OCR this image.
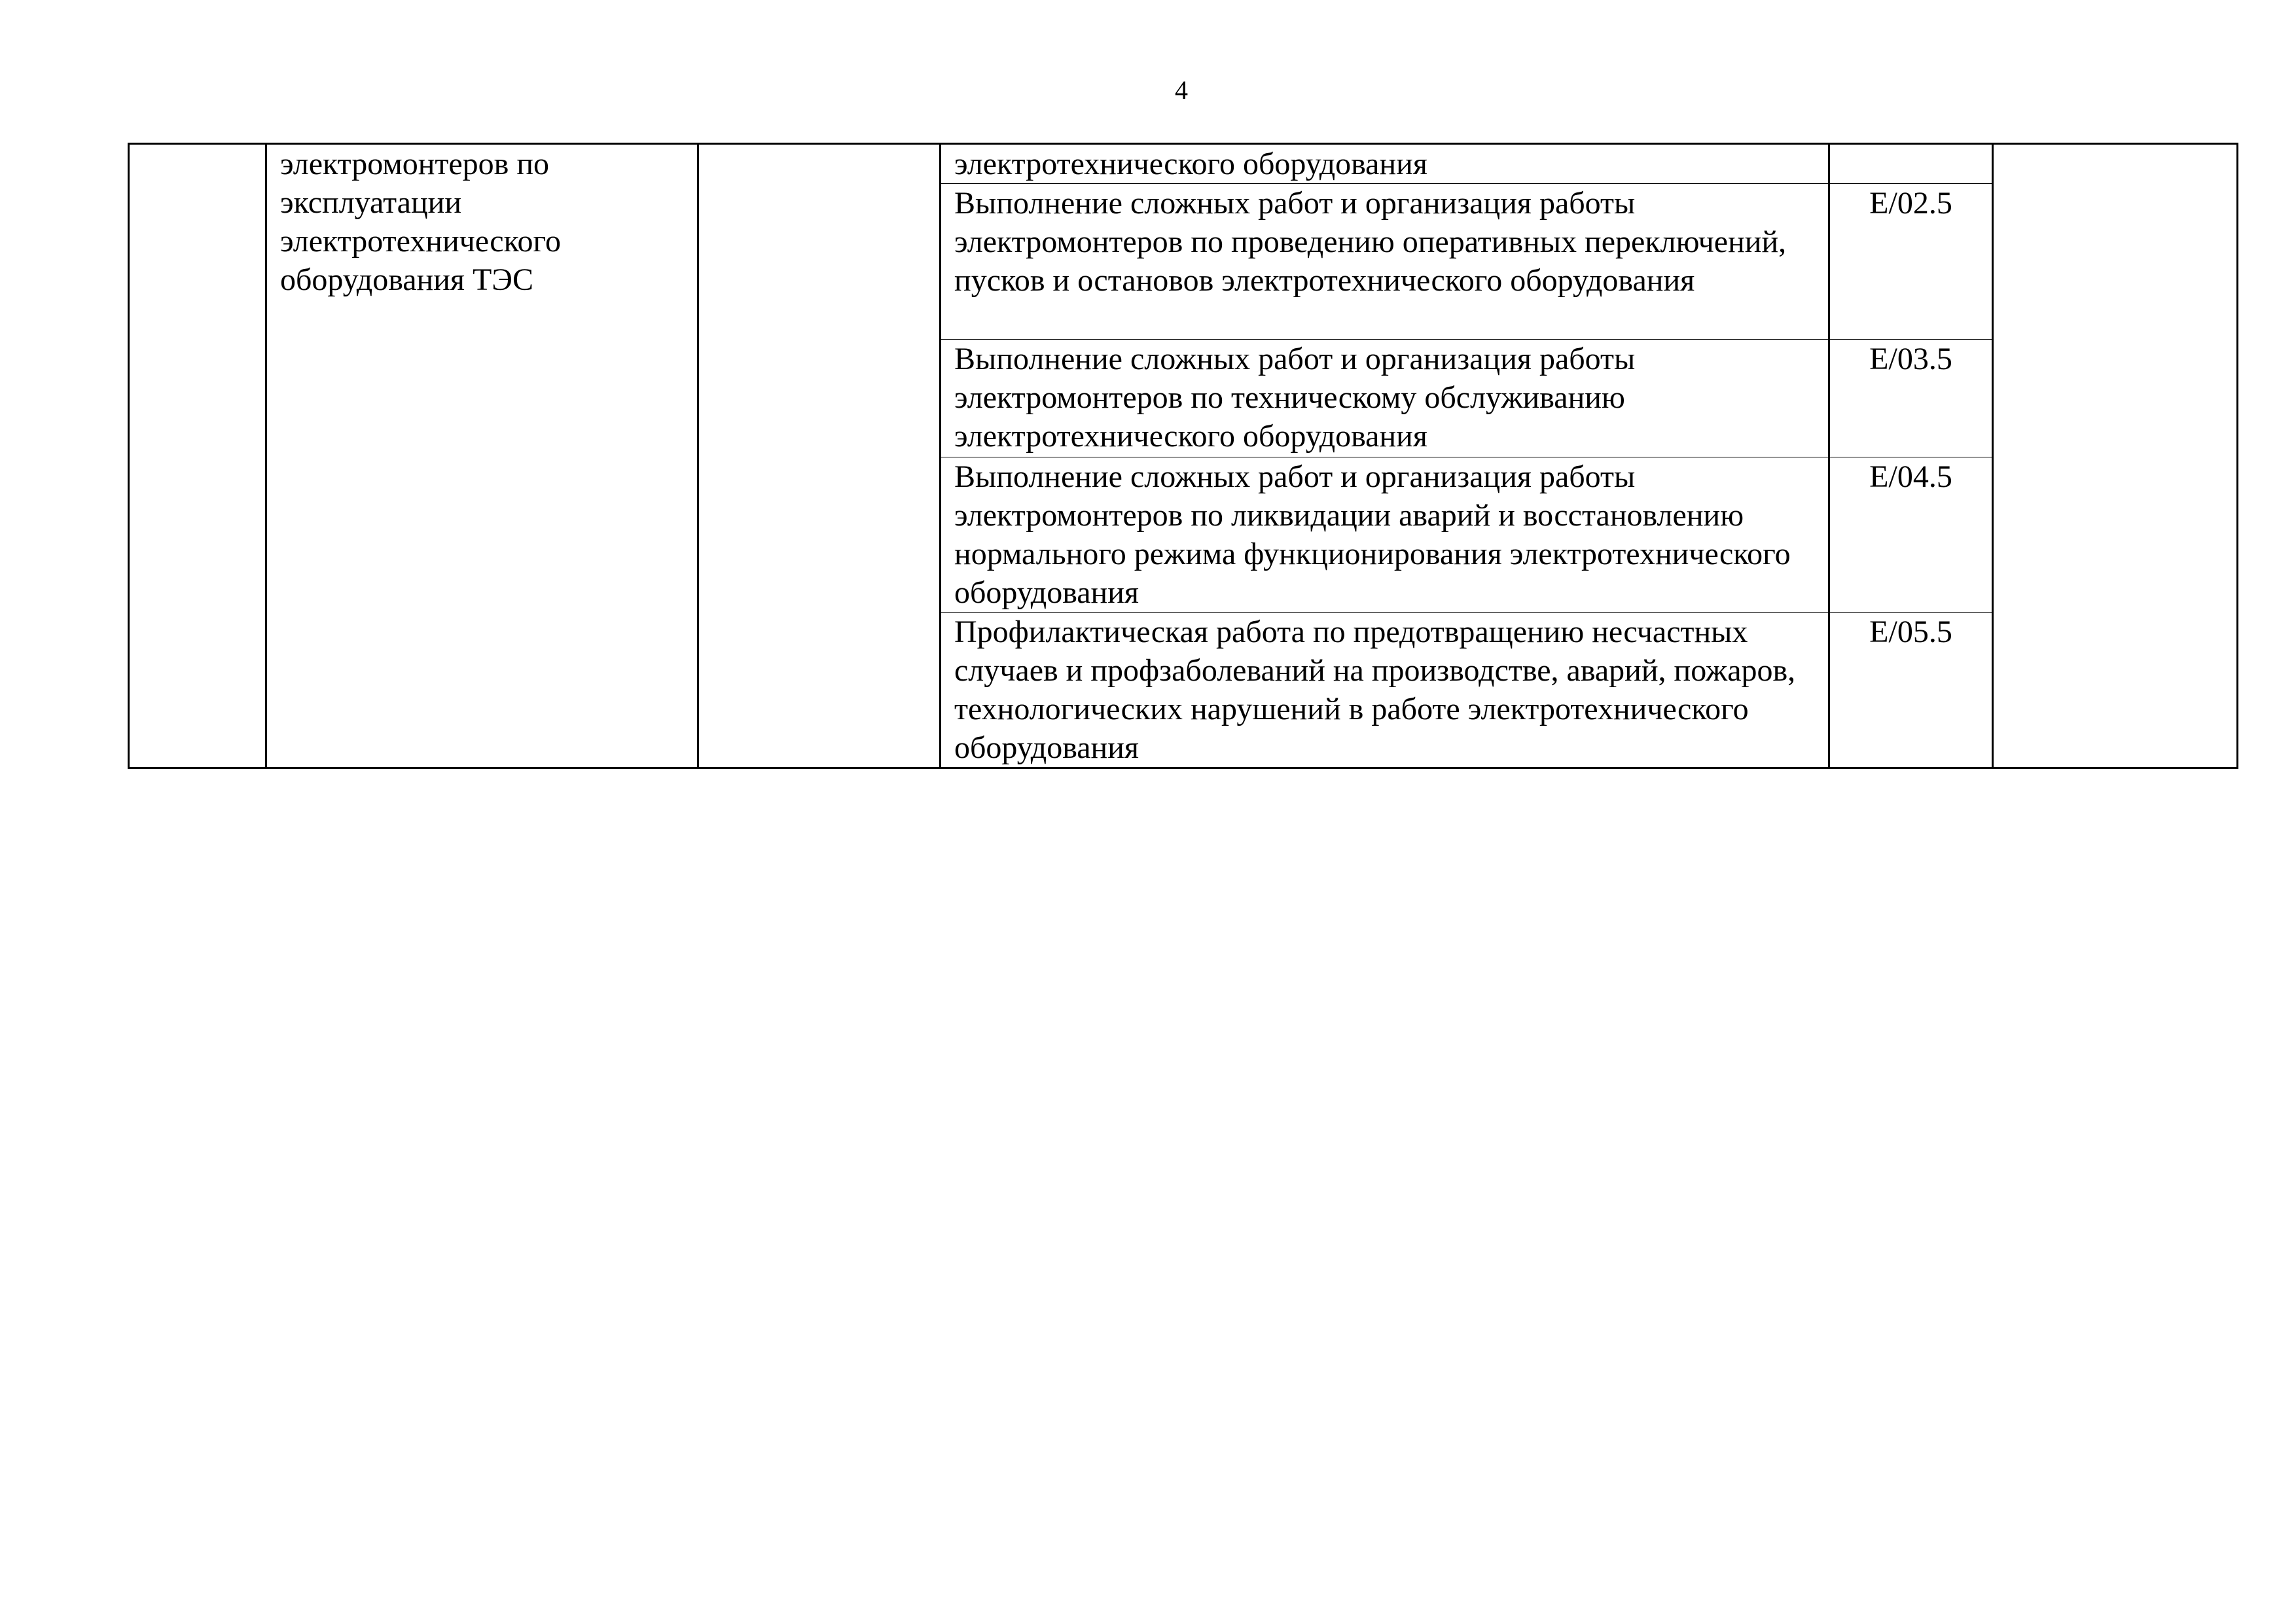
4

	электромонтеров по эксплуатации электротехнического оборудования ТЭС		электротехнического оборудования		

			Выполнение сложных работ и организация работы электромонтеров по проведению оперативных переключений, пусков и остановов электротехнического оборудования	E/02.5	

			Выполнение сложных работ и организация работы электромонтеров по техническому обслуживанию электротехнического оборудования	E/03.5	

			Выполнение сложных работ и организация работы электромонтеров по ликвидации аварий и восстановлению нормального режима функционирования электротехнического оборудования	E/04.5	

			Профилактическая работа по предотвращению несчастных случаев и профзаболеваний на производстве, аварий, пожаров, технологических нарушений в работе электротехнического оборудования	E/05.5	
